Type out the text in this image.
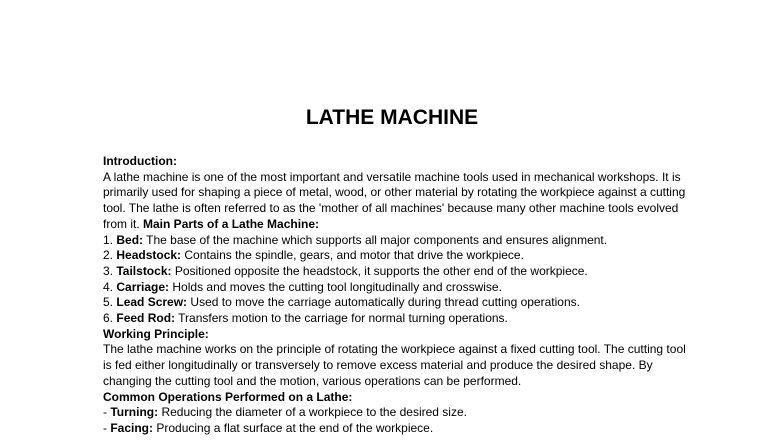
LATHE MACHINE

Introduction:

A lathe machine is one of the most important and versatile machine tools used in mechanical workshops. It is primarily used for shaping a piece of metal, wood, or other material by rotating the workpiece against a cutting tool. The lathe is often referred to as the 'mother of all machines' because many other machine tools evolved from it. Main Parts of a Lathe Machine:

1. Bed: The base of the machine which supports all major components and ensures alignment.

2. Headstock: Contains the spindle, gears, and motor that drive the workpiece.

3. Tailstock: Positioned opposite the headstock, it supports the other end of the workpiece.

4. Carriage: Holds and moves the cutting tool longitudinally and crosswise.

5. Lead Screw: Used to move the carriage automatically during thread cutting operations.

6. Feed Rod: Transfers motion to the carriage for normal turning operations.

Working Principle:

The lathe machine works on the principle of rotating the workpiece against a fixed cutting tool. The cutting tool is fed either longitudinally or transversely to remove excess material and produce the desired shape. By changing the cutting tool and the motion, various operations can be performed.

Common Operations Performed on a Lathe:

- Turning: Reducing the diameter of a workpiece to the desired size.

- Facing: Producing a flat surface at the end of the workpiece.
